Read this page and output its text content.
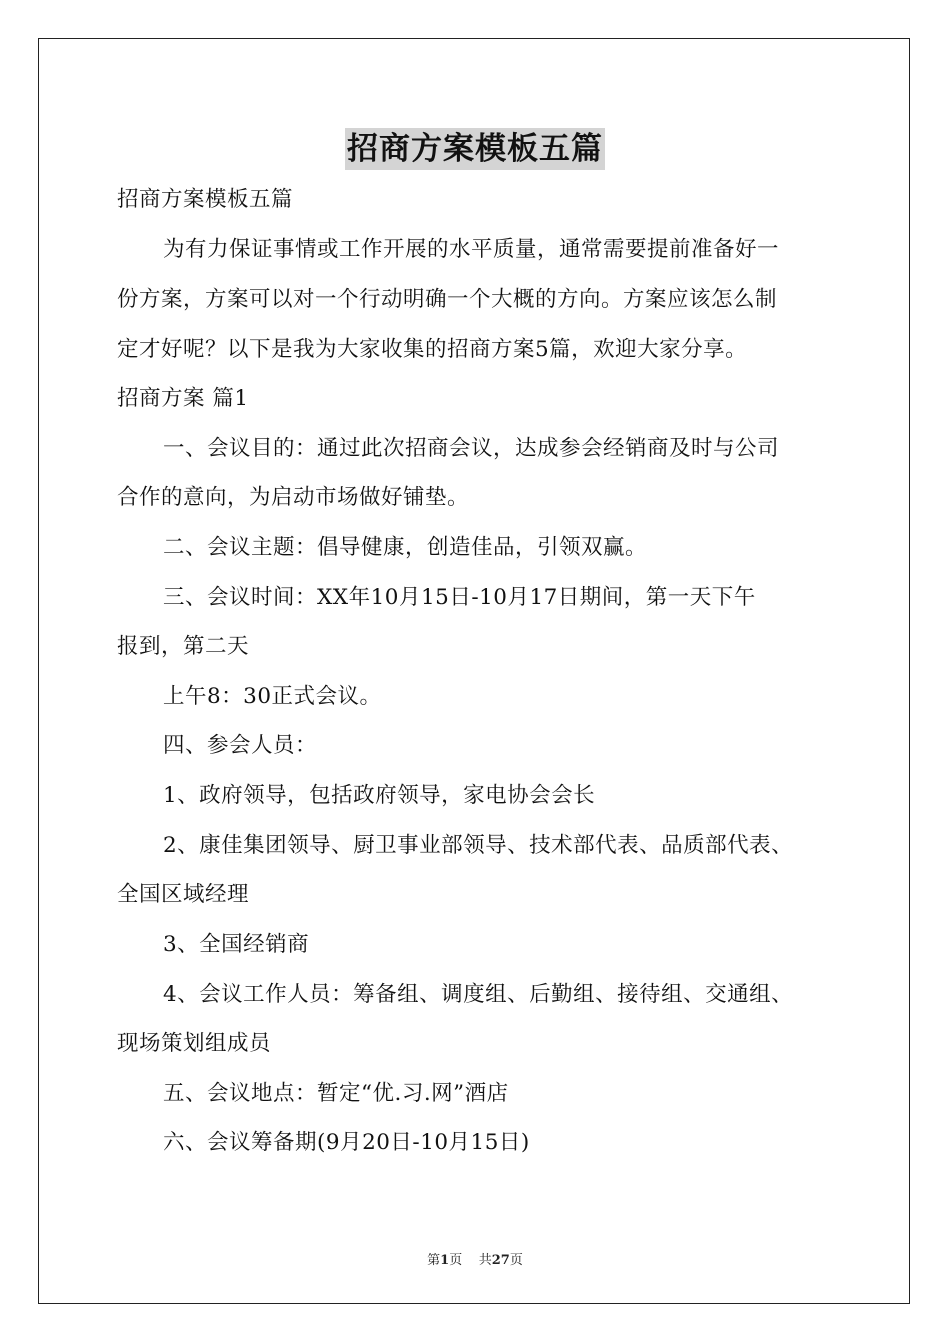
招商方案模板五篇
招商方案模板五篇
为有力保证事情或工作开展的水平质量，通常需要提前准备好一
份方案，方案可以对一个行动明确一个大概的方向。方案应该怎么制
定才好呢？以下是我为大家收集的招商方案5篇，欢迎大家分享。
招商方案 篇1
一、会议目的：通过此次招商会议，达成参会经销商及时与公司
合作的意向，为启动市场做好铺垫。
二、会议主题：倡导健康，创造佳品，引领双赢。
三、会议时间：XX年10月15日-10月17日期间，第一天下午
报到，第二天
上午8：30正式会议。
四、参会人员：
1、政府领导，包括政府领导，家电协会会长
2、康佳集团领导、厨卫事业部领导、技术部代表、品质部代表、
全国区域经理
3、全国经销商
4、会议工作人员：筹备组、调度组、后勤组、接待组、交通组、
现场策划组成员
五、会议地点：暂定“优.习.网”酒店
六、会议筹备期(9月20日-10月15日)
第1页 共27页
